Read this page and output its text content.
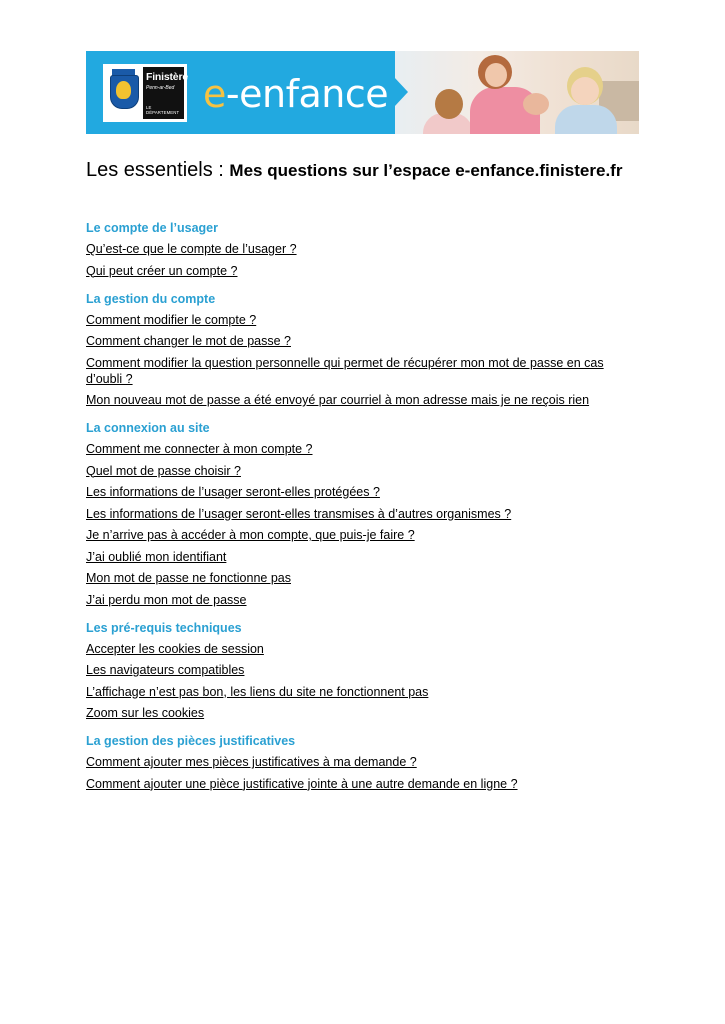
Finistère
Penn-ar-Bed
LE DÉPARTEMENT e-enfance
Les essentiels : Mes questions sur l’espace e-enfance.finistere.fr
Le compte de l’usager
Qu’est-ce que le compte de l’usager ?
Qui peut créer un compte ?
La gestion du compte
Comment modifier le compte ?
Comment changer le mot de passe ?
Comment modifier la question personnelle qui permet de récupérer mon mot de passe en cas d’oubli ?
Mon nouveau mot de passe a été envoyé par courriel à mon adresse mais je ne reçois rien
La connexion au site
Comment me connecter à mon compte ?
Quel mot de passe choisir ?
Les informations de l’usager seront-elles protégées ?
Les informations de l’usager seront-elles transmises à d’autres organismes ?
Je n’arrive pas à accéder à mon compte, que puis-je faire ?
J’ai oublié mon identifiant
Mon mot de passe ne fonctionne pas
J’ai perdu mon mot de passe
Les pré-requis techniques
Accepter les cookies de session
Les navigateurs compatibles
L’affichage n’est pas bon, les liens du site ne fonctionnent pas
Zoom sur les cookies
La gestion des pièces justificatives
Comment ajouter mes pièces justificatives à ma demande ?
Comment ajouter une pièce justificative jointe à une autre demande en ligne ?
